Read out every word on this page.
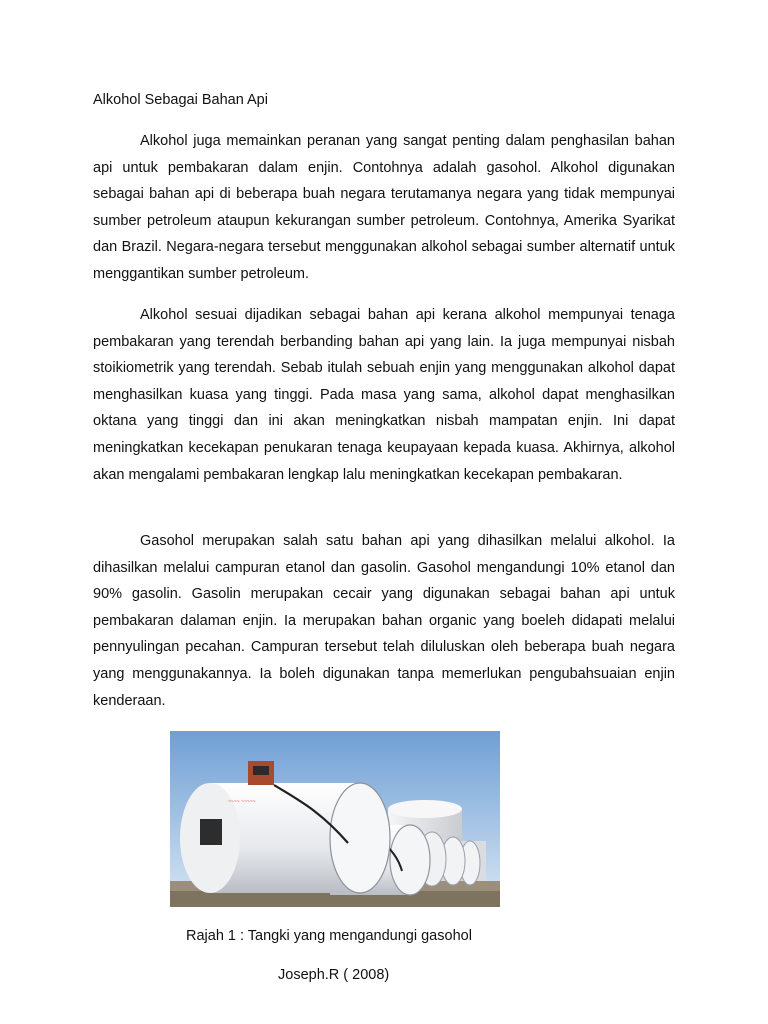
Alkohol Sebagai Bahan Api

Alkohol juga memainkan peranan yang sangat penting dalam penghasilan bahan api untuk pembakaran dalam enjin. Contohnya adalah gasohol. Alkohol digunakan sebagai bahan api di beberapa buah negara terutamanya negara yang tidak mempunyai sumber petroleum ataupun kekurangan sumber petroleum. Contohnya, Amerika Syarikat dan Brazil. Negara-negara tersebut menggunakan alkohol sebagai sumber alternatif untuk menggantikan sumber petroleum.

Alkohol sesuai dijadikan sebagai bahan api kerana alkohol mempunyai tenaga pembakaran yang terendah berbanding bahan api yang lain. Ia juga mempunyai nisbah stoikiometrik yang terendah. Sebab itulah sebuah enjin yang menggunakan alkohol dapat menghasilkan kuasa yang tinggi. Pada masa yang sama, alkohol dapat menghasilkan oktana yang tinggi dan ini akan meningkatkan nisbah mampatan enjin. Ini dapat meningkatkan kecekapan penukaran tenaga keupayaan kepada kuasa. Akhirnya, alkohol akan mengalami pembakaran lengkap lalu meningkatkan kecekapan pembakaran.

Gasohol merupakan salah satu bahan api yang dihasilkan melalui alkohol. Ia dihasilkan melalui campuran etanol dan gasolin. Gasohol mengandungi 10% etanol dan 90% gasolin. Gasolin merupakan cecair yang digunakan sebagai bahan api untuk pembakaran dalaman enjin. Ia merupakan bahan organic yang boeleh didapati melalui pennyulingan pecahan. Campuran tersebut telah diluluskan oleh beberapa buah negara yang menggunakannya. Ia boleh digunakan tanpa memerlukan pengubahsuaian enjin kenderaan.

~~~~ ~~~~~

Rajah 1 : Tangki yang mengandungi gasohol

Joseph.R ( 2008)
